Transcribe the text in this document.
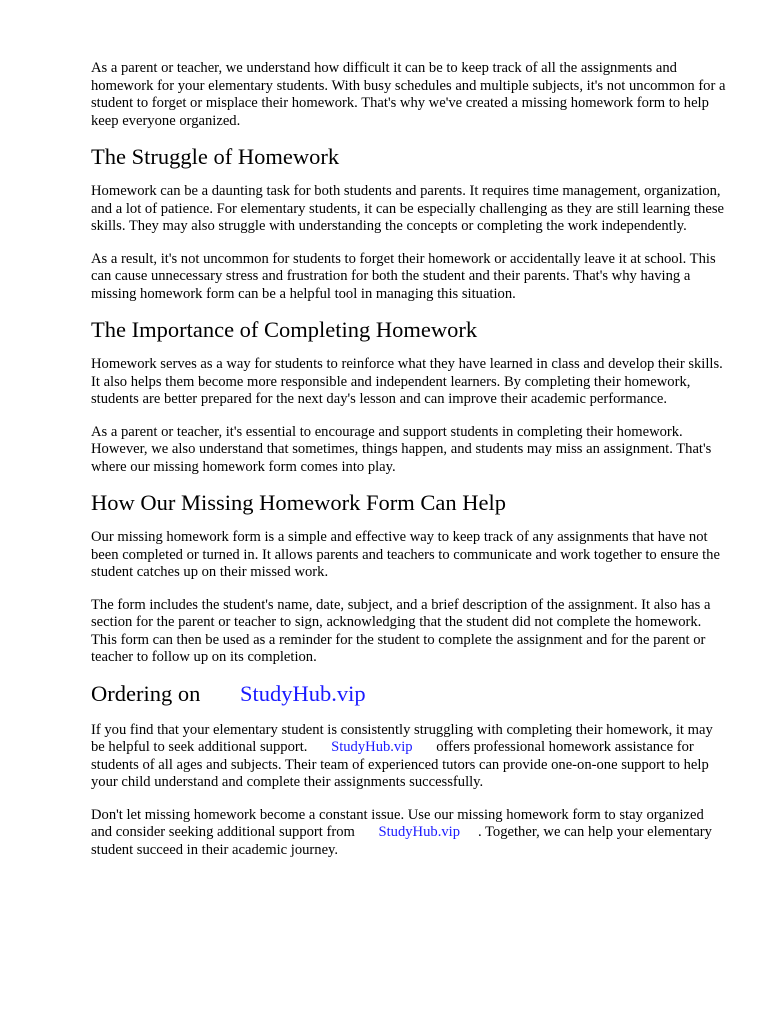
As a parent or teacher, we understand how difficult it can be to keep track of all the assignments and homework for your elementary students. With busy schedules and multiple subjects, it's not uncommon for a student to forget or misplace their homework. That's why we've created a missing homework form to help keep everyone organized.

The Struggle of Homework

Homework can be a daunting task for both students and parents. It requires time management, organization, and a lot of patience. For elementary students, it can be especially challenging as they are still learning these skills. They may also struggle with understanding the concepts or completing the work independently.

As a result, it's not uncommon for students to forget their homework or accidentally leave it at school. This can cause unnecessary stress and frustration for both the student and their parents. That's why having a missing homework form can be a helpful tool in managing this situation.

The Importance of Completing Homework

Homework serves as a way for students to reinforce what they have learned in class and develop their skills. It also helps them become more responsible and independent learners. By completing their homework, students are better prepared for the next day's lesson and can improve their academic performance.

As a parent or teacher, it's essential to encourage and support students in completing their homework. However, we also understand that sometimes, things happen, and students may miss an assignment. That's where our missing homework form comes into play.

How Our Missing Homework Form Can Help

Our missing homework form is a simple and effective way to keep track of any assignments that have not been completed or turned in. It allows parents and teachers to communicate and work together to ensure the student catches up on their missed work.

The form includes the student's name, date, subject, and a brief description of the assignment. It also has a section for the parent or teacher to sign, acknowledging that the student did not complete the homework. This form can then be used as a reminder for the student to complete the assignment and for the parent or teacher to follow up on its completion.

Ordering on StudyHub.vip

If you find that your elementary student is consistently struggling with completing their homework, it may be helpful to seek additional support. StudyHub.vip offers professional homework assistance for students of all ages and subjects. Their team of experienced tutors can provide one-on-one support to help your child understand and complete their assignments successfully.

Don't let missing homework become a constant issue. Use our missing homework form to stay organized and consider seeking additional support from StudyHub.vip . Together, we can help your elementary student succeed in their academic journey.
